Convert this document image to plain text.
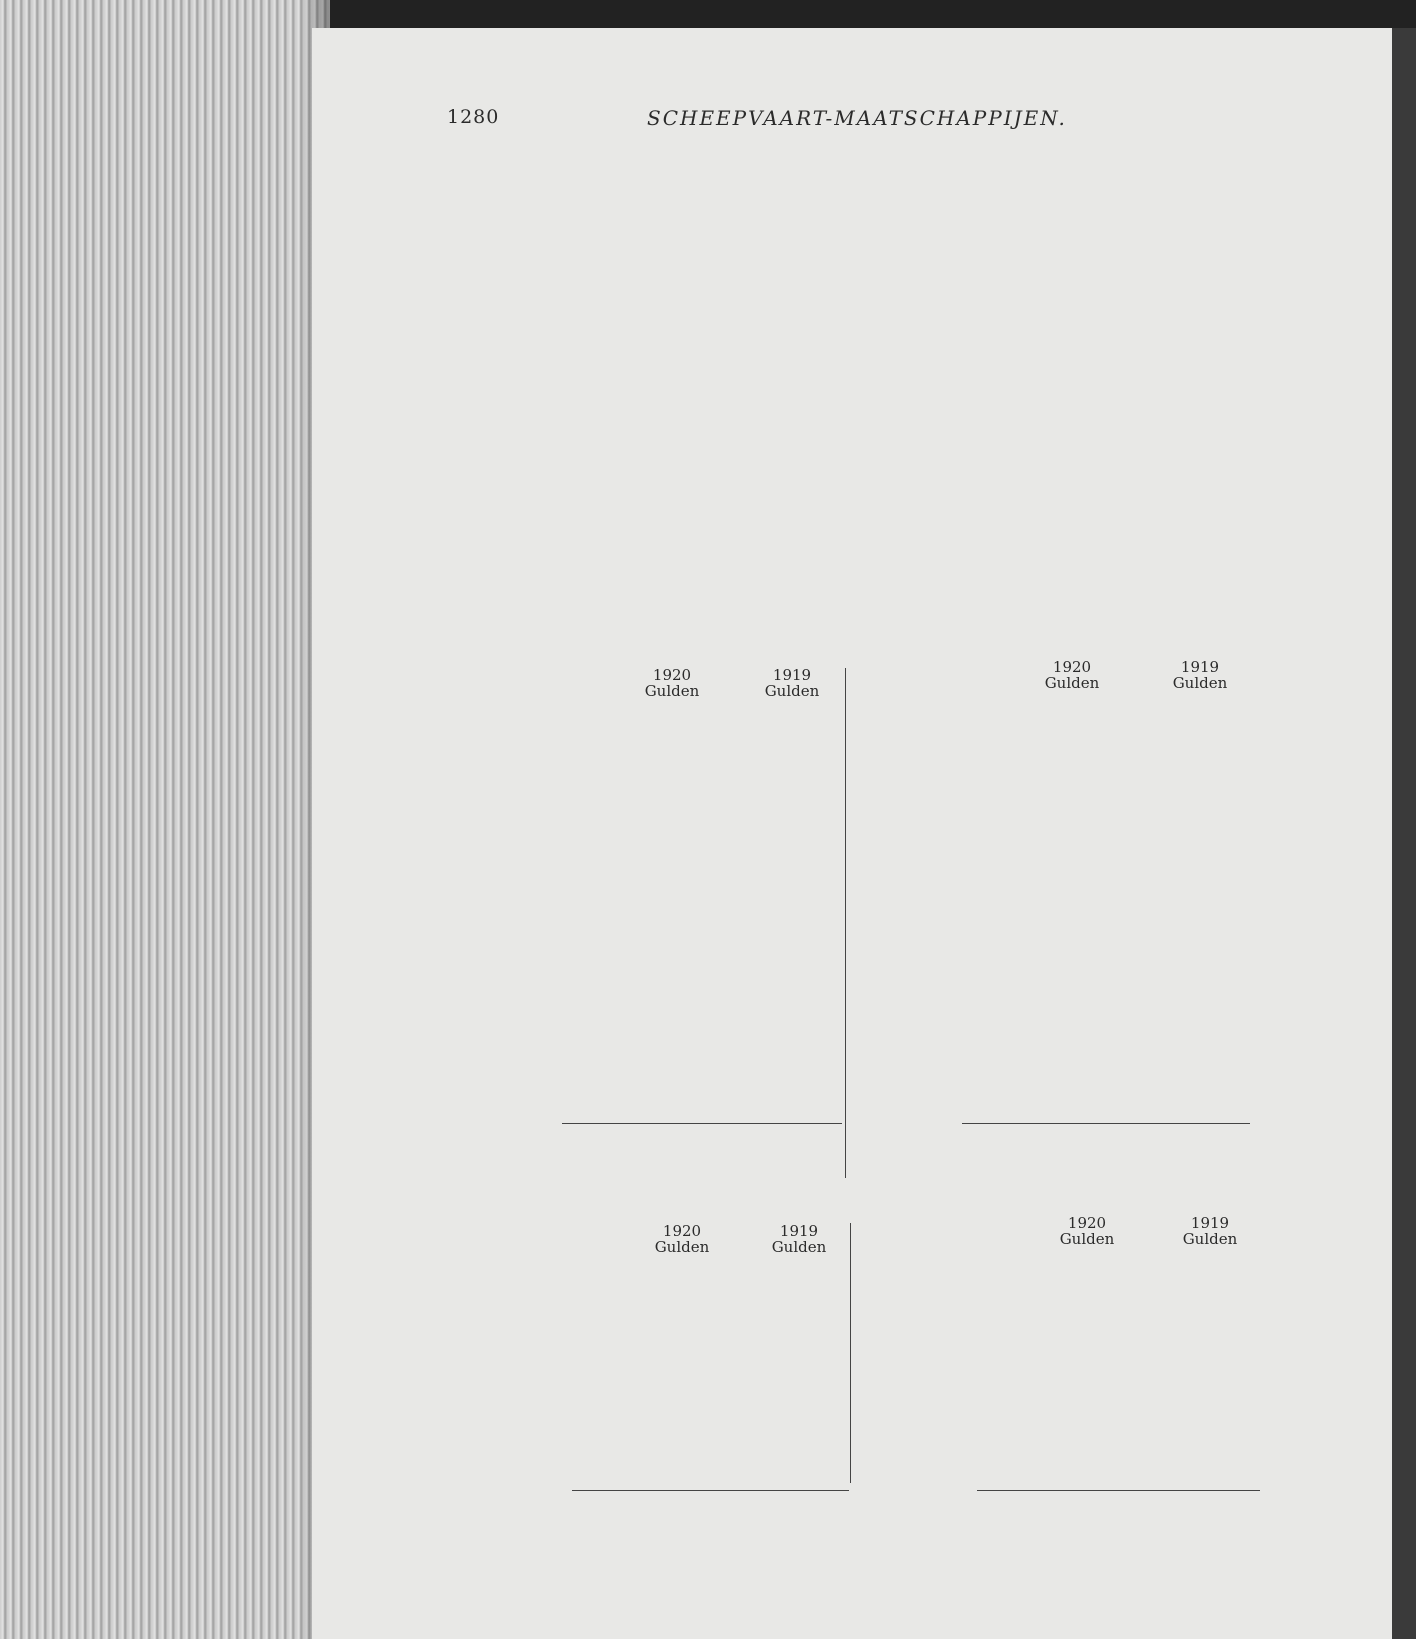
1280	SCHEEPVAART-MAATSCHAPPIJEN.
1920	1919
Gulden	Gulden
1920	1919
Gulden	Gulden
1920	1919
Gulden	Gulden
1920	1919
Gulden	Gulden
